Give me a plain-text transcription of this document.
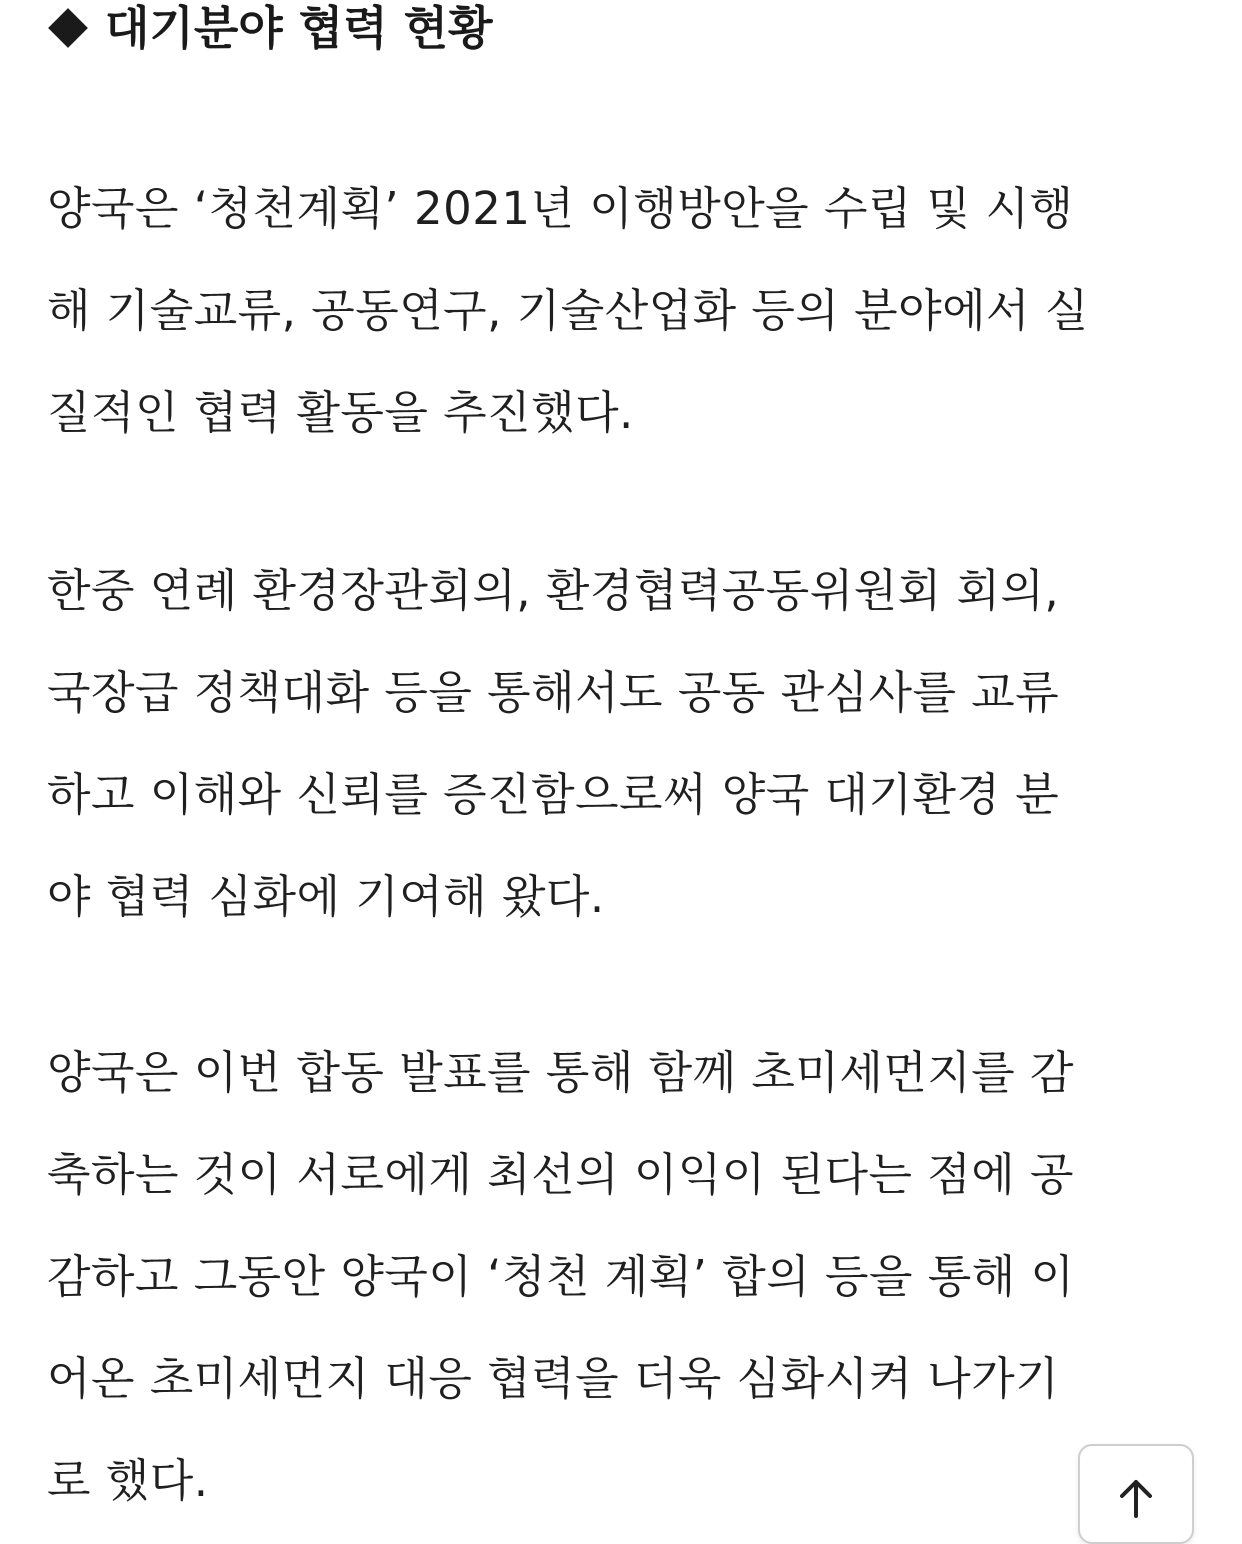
대기분야 협력 현황

양국은 ‘청천계획’ 2021년 이행방안을 수립 및 시행
해 기술교류, 공동연구, 기술산업화 등의 분야에서 실
질적인 협력 활동을 추진했다.

한중 연례 환경장관회의, 환경협력공동위원회 회의,
국장급 정책대화 등을 통해서도 공동 관심사를 교류
하고 이해와 신뢰를 증진함으로써 양국 대기환경 분
야 협력 심화에 기여해 왔다.

양국은 이번 합동 발표를 통해 함께 초미세먼지를 감
축하는 것이 서로에게 최선의 이익이 된다는 점에 공
감하고 그동안 양국이 ‘청천 계획’ 합의 등을 통해 이
어온 초미세먼지 대응 협력을 더욱 심화시켜 나가기
로 했다.
